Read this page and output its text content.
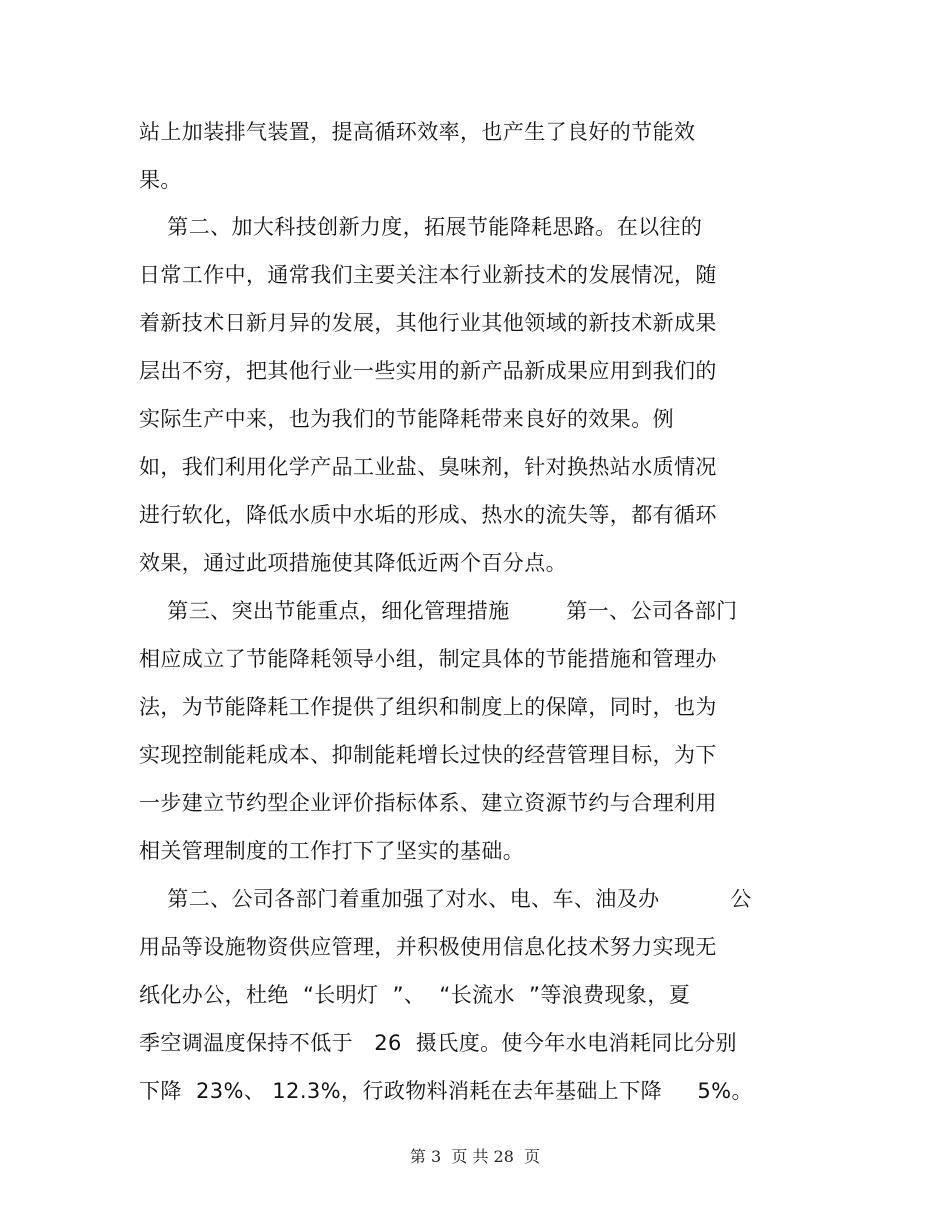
站上加装排气装置，提高循环效率，也产生了良好的节能效
果。
第二、加大科技创新力度，拓展节能降耗思路。在以往的
日常工作中，通常我们主要关注本行业新技术的发展情况，随
着新技术日新月异的发展，其他行业其他领域的新技术新成果
层出不穷，把其他行业一些实用的新产品新成果应用到我们的
实际生产中来，也为我们的节能降耗带来良好的效果。例
如，我们利用化学产品工业盐、臭味剂，针对换热站水质情况
进行软化，降低水质中水垢的形成、热水的流失等，都有循环
效果，通过此项措施使其降低近两个百分点。
第三、突出节能重点，细化管理措施        第一、公司各部门
相应成立了节能降耗领导小组，制定具体的节能措施和管理办
法，为节能降耗工作提供了组织和制度上的保障，同时，也为
实现控制能耗成本、抑制能耗增长过快的经营管理目标，为下
一步建立节约型企业评价指标体系、建立资源节约与合理利用
相关管理制度的工作打下了坚实的基础。
第二、公司各部门着重加强了对水、电、车、油及办          公
用品等设施物资供应管理，并积极使用信息化技术努力实现无
纸化办公，杜绝  “长明灯  ”、  “长流水  ”等浪费现象，夏
季空调温度保持不低于   26  摄氏度。使今年水电消耗同比分别
下降  23%、 12.3%，行政物料消耗在去年基础上下降     5%。
第 3  页 共 28  页
